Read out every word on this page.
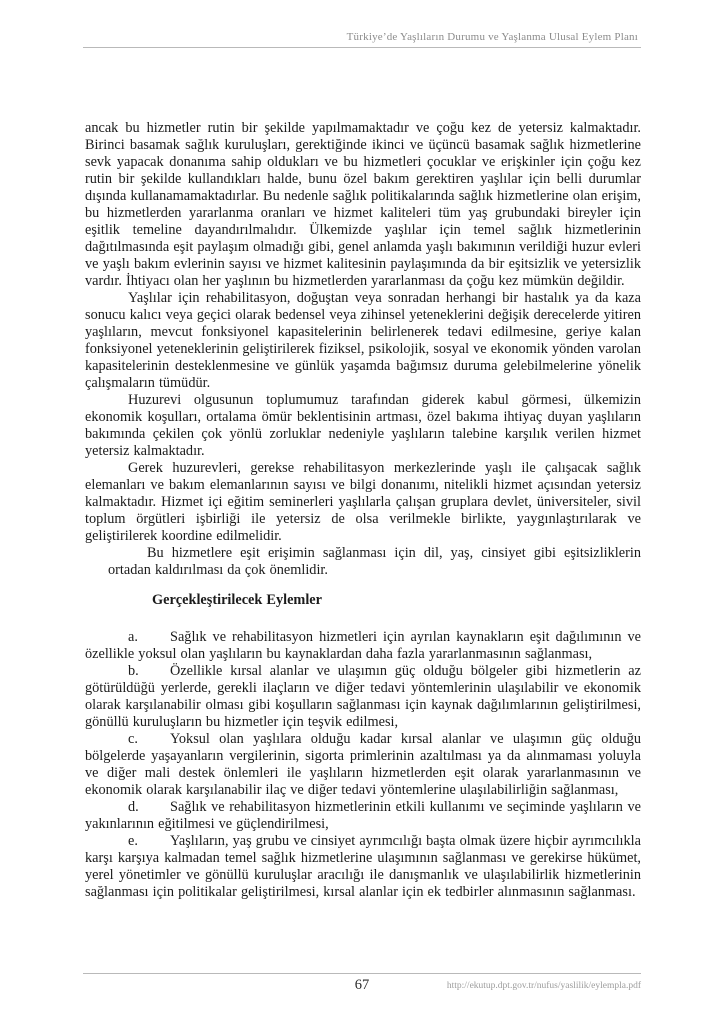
Türkiye’de Yaşlıların Durumu ve Yaşlanma Ulusal Eylem Planı

ancak bu hizmetler rutin bir şekilde yapılmamaktadır ve çoğu kez de yetersiz kalmaktadır. Birinci basamak sağlık kuruluşları, gerektiğinde ikinci ve üçüncü basamak sağlık hizmetlerine sevk yapacak donanıma sahip oldukları ve bu hizmetleri çocuklar ve erişkinler için çoğu kez rutin bir şekilde kullandıkları halde, bunu özel bakım gerektiren yaşlılar için belli durumlar dışında kullanamamaktadırlar. Bu nedenle sağlık politikalarında sağlık hizmetlerine olan erişim, bu hizmetlerden yararlanma oranları ve hizmet kaliteleri tüm yaş grubundaki bireyler için eşitlik temeline dayandırılmalıdır. Ülkemizde yaşlılar için temel sağlık hizmetlerinin dağıtılmasında eşit paylaşım olmadığı gibi, genel anlamda yaşlı bakımının verildiği huzur evleri ve yaşlı bakım evlerinin sayısı ve hizmet kalitesinin paylaşımında da bir eşitsizlik ve yetersizlik vardır. İhtiyacı olan her yaşlının bu hizmetlerden yararlanması da çoğu kez mümkün değildir.

Yaşlılar için rehabilitasyon, doğuştan veya sonradan herhangi bir hastalık ya da kaza sonucu kalıcı veya geçici olarak bedensel veya zihinsel yeteneklerini değişik derecelerde yitiren yaşlıların, mevcut fonksiyonel kapasitelerinin belirlenerek tedavi edilmesine, geriye kalan fonksiyonel yeteneklerinin geliştirilerek fiziksel, psikolojik, sosyal ve ekonomik yönden varolan kapasitelerinin desteklenmesine ve günlük yaşamda bağımsız duruma gelebilmelerine yönelik çalışmaların tümüdür.

Huzurevi olgusunun toplumumuz tarafından giderek kabul görmesi, ülkemizin ekonomik koşulları, ortalama ömür beklentisinin artması, özel bakıma ihtiyaç duyan yaşlıların bakımında çekilen çok yönlü zorluklar nedeniyle yaşlıların talebine karşılık verilen hizmet yetersiz kalmaktadır.

Gerek huzurevleri, gerekse rehabilitasyon merkezlerinde yaşlı ile çalışacak sağlık elemanları ve bakım elemanlarının sayısı ve bilgi donanımı, nitelikli hizmet açısından yetersiz kalmaktadır. Hizmet içi eğitim seminerleri yaşlılarla çalışan gruplara devlet, üniversiteler, sivil toplum örgütleri işbirliği ile yetersiz de olsa verilmekle birlikte, yaygınlaştırılarak ve geliştirilerek koordine edilmelidir.

Bu hizmetlere eşit erişimin sağlanması için dil, yaş, cinsiyet gibi eşitsizliklerin ortadan kaldırılması da çok önemlidir.

Gerçekleştirilecek Eylemler

a. Sağlık ve rehabilitasyon hizmetleri için ayrılan kaynakların eşit dağılımının ve özellikle yoksul olan yaşlıların bu kaynaklardan daha fazla yararlanmasının sağlanması,

b. Özellikle kırsal alanlar ve ulaşımın güç olduğu bölgeler gibi hizmetlerin az götürüldüğü yerlerde, gerekli ilaçların ve diğer tedavi yöntemlerinin ulaşılabilir ve ekonomik olarak karşılanabilir olması gibi koşulların sağlanması için kaynak dağılımlarının geliştirilmesi, gönüllü kuruluşların bu hizmetler için teşvik edilmesi,

c. Yoksul olan yaşlılara olduğu kadar kırsal alanlar ve ulaşımın güç olduğu bölgelerde yaşayanların vergilerinin, sigorta primlerinin azaltılması ya da alınmaması yoluyla ve diğer mali destek önlemleri ile yaşlıların hizmetlerden eşit olarak yararlanmasının ve ekonomik olarak karşılanabilir ilaç ve diğer tedavi yöntemlerine ulaşılabilirliğin sağlanması,

d. Sağlık ve rehabilitasyon hizmetlerinin etkili kullanımı ve seçiminde yaşlıların ve yakınlarının eğitilmesi ve güçlendirilmesi,

e. Yaşlıların, yaş grubu ve cinsiyet ayrımcılığı başta olmak üzere hiçbir ayrımcılıkla karşı karşıya kalmadan temel sağlık hizmetlerine ulaşımının sağlanması ve gerekirse hükümet, yerel yönetimler ve gönüllü kuruluşlar aracılığı ile danışmanlık ve ulaşılabilirlik hizmetlerinin sağlanması için politikalar geliştirilmesi, kırsal alanlar için ek tedbirler alınmasının sağlanması.

67	http://ekutup.dpt.gov.tr/nufus/yaslilik/eylempla.pdf
